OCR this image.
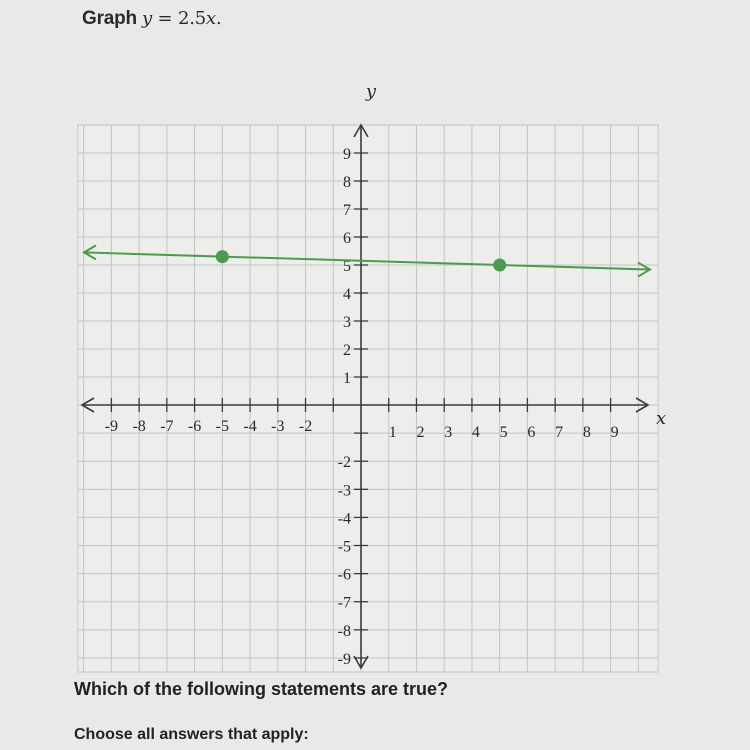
Graph y = 2.5x.
-9 -8 -7 -6 -5 -4 -3 -2	1 2 3 4 5 6 7 8 9
9
8
7
6
5
4
3
2
1
-2
-3
-4
-5
-6
-7
-8
-9
x
y
Which of the following statements are true?
Choose all answers that apply:
